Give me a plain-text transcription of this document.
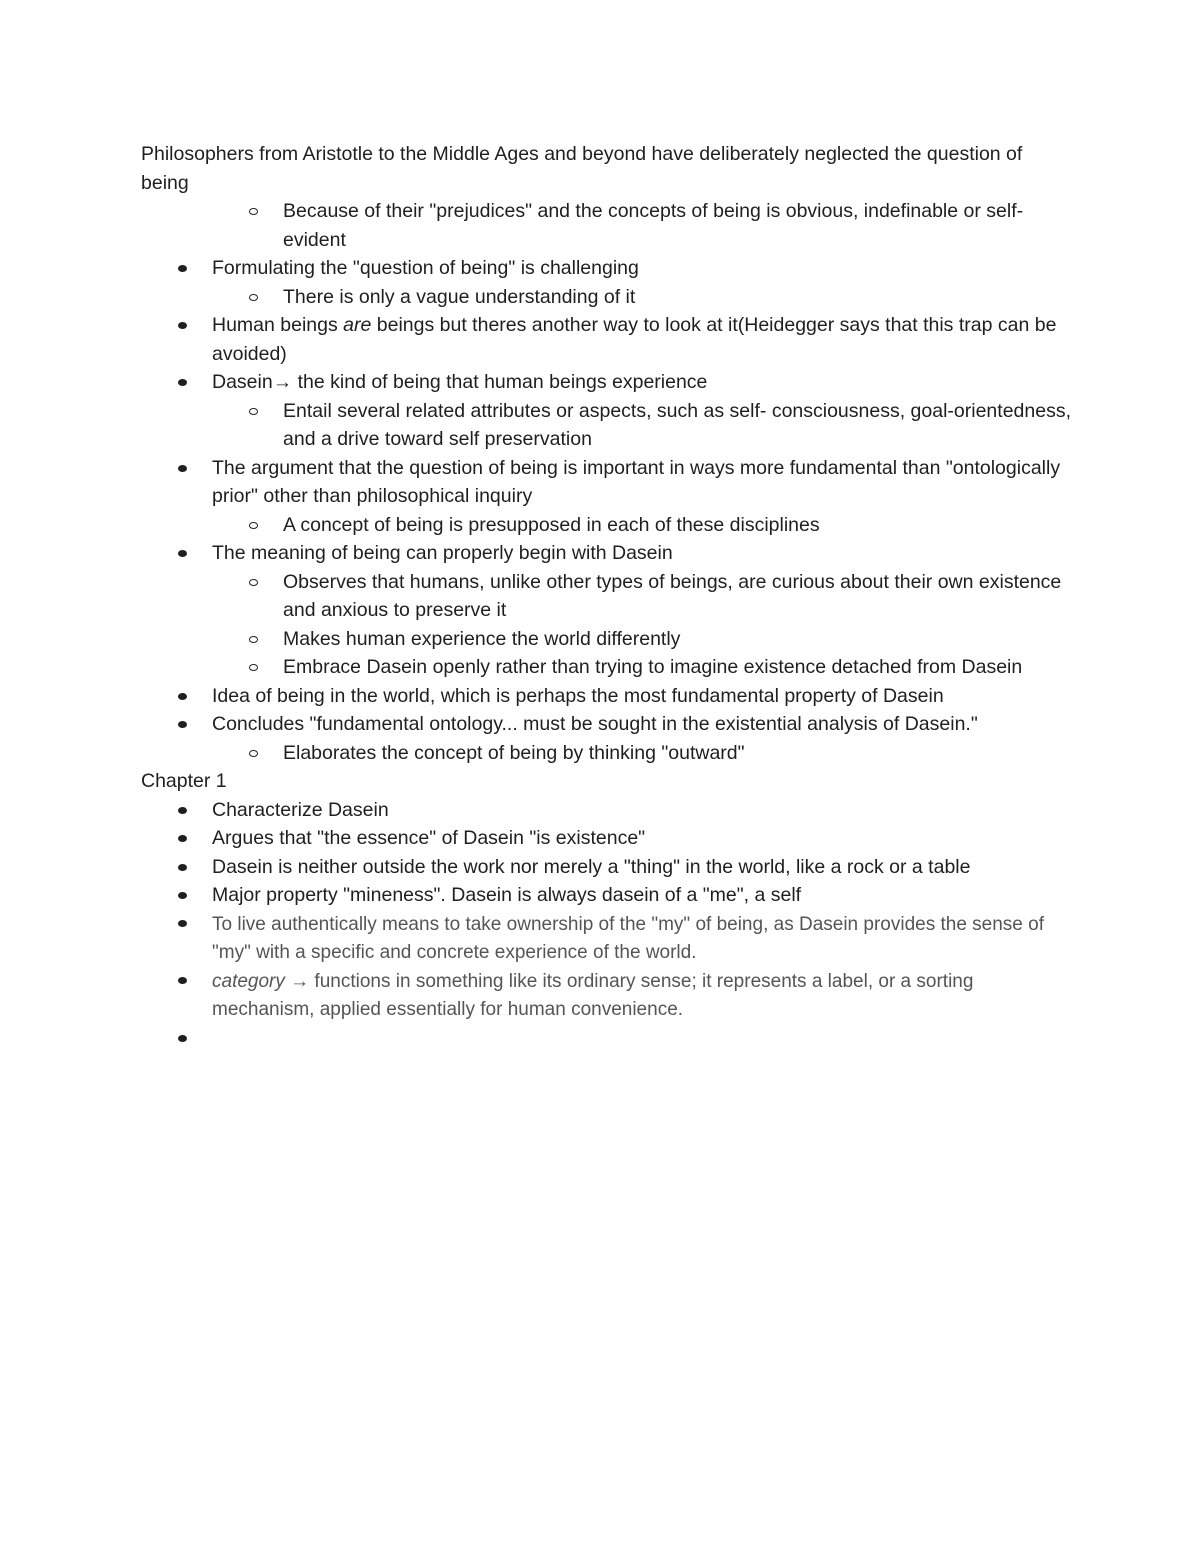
Philosophers from Aristotle to the Middle Ages and beyond have deliberately neglected the question of being

Because of their "prejudices" and the concepts of being is obvious, indefinable or self- evident
Formulating the "question of being" is challenging
There is only a vague understanding of it
Human beings are beings but theres another way to look at it(Heidegger says that this trap can be avoided)
Dasein→ the kind of being that human beings experience
Entail several related attributes or aspects, such as self- consciousness, goal-orientedness, and a drive toward self preservation
The argument that the question of being is important in ways more fundamental than "ontologically prior" other than philosophical inquiry
A concept of being is presupposed in each of these disciplines
The meaning of being can properly begin with Dasein
Observes that humans, unlike other types of beings, are curious about their own existence and anxious to preserve it
Makes human experience the world differently
Embrace Dasein openly rather than trying to imagine existence detached from Dasein
Idea of being in the world, which is perhaps the most fundamental property of Dasein
Concludes "fundamental ontology... must be sought in the existential analysis of Dasein."
Elaborates the concept of being by thinking "outward"
Chapter 1
Characterize Dasein
Argues that "the essence" of Dasein "is existence"
Dasein is neither outside the work nor merely a "thing" in the world, like a rock or a table
Major property "mineness". Dasein is always dasein of a "me", a self
To live authentically means to take ownership of the "my" of being, as Dasein provides the sense of "my" with a specific and concrete experience of the world.
category → functions in something like its ordinary sense; it represents a label, or a sorting mechanism, applied essentially for human convenience.
